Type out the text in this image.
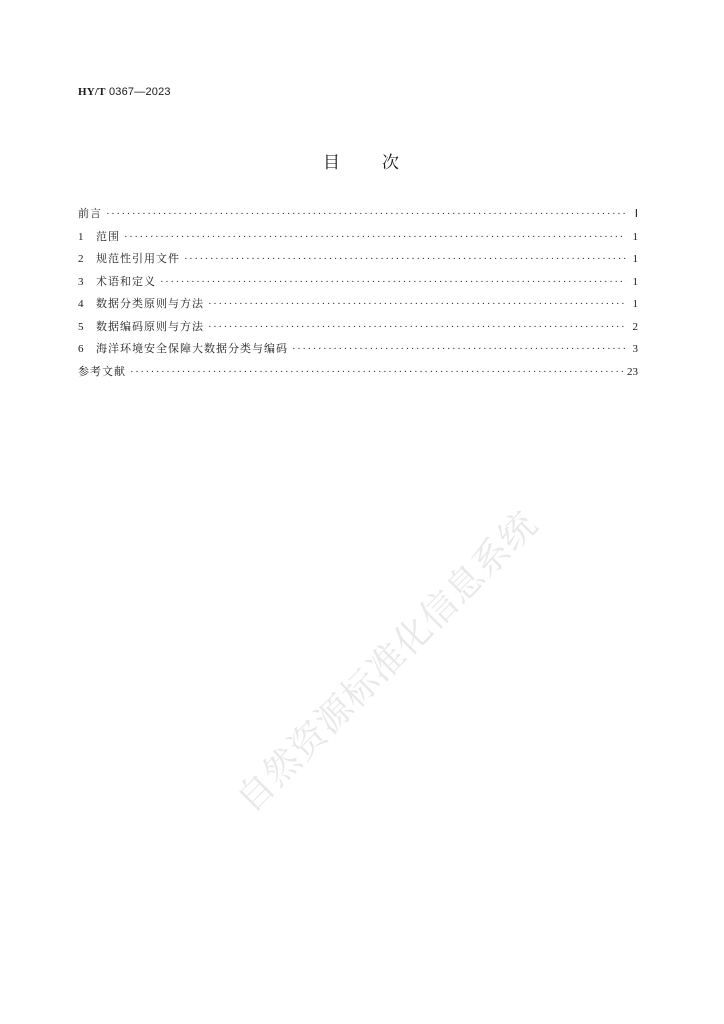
HY/T 0367—2023
目 次
前言 ·····	Ⅰ
1	范围 ·····	1
2	规范性引用文件 ·····	1
3	术语和定义 ·····	1
4	数据分类原则与方法 ·····	1
5	数据编码原则与方法 ·····	2
6	海洋环境安全保障大数据分类与编码 ·····	3
参考文献 ·····	23
自然资源标准化信息系统
